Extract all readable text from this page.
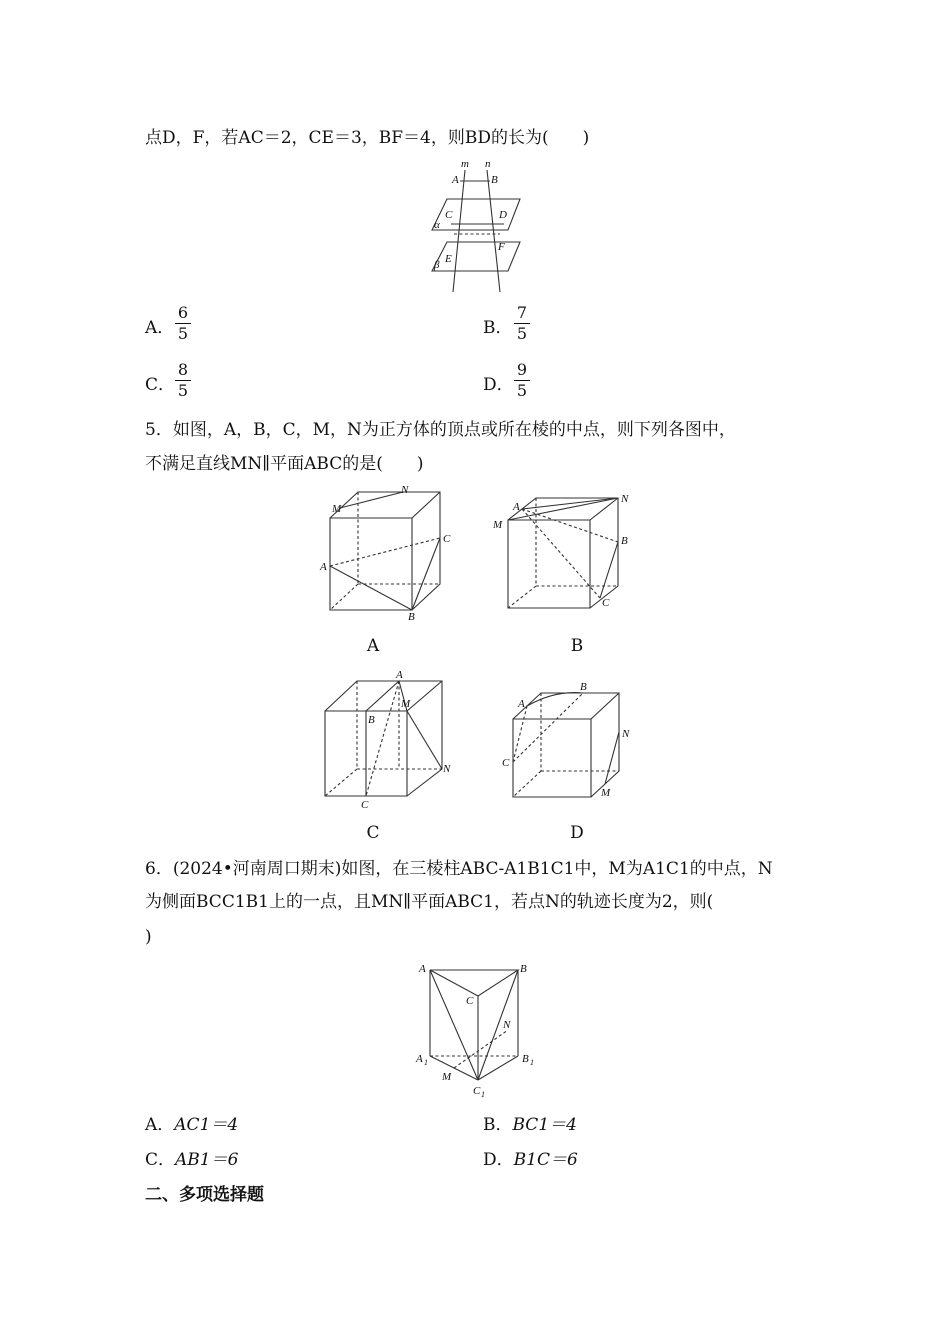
点D，F，若AC＝2，CE＝3，BF＝4，则BD的长为(　　)
m n
A	B
C	D
α
E
F
β
A． $\frac{6}{5}$	B． $\frac{7}{5}$
C． $\frac{8}{5}$	D． $\frac{9}{5}$
5．如图，A，B，C，M，N为正方体的顶点或所在棱的中点，则下列各图中，
不满足直线MN∥平面ABC的是(　　)
M
N
A
C
B
A
M
A
N
B
C
B
A
B
M
N
C
C
A
B
C
N
M
D
6．(2024•河南周口期末)如图，在三棱柱ABC-A1B1C1中，M为A1C1的中点，N
为侧面BCC1B1上的一点，且MN∥平面ABC1，若点N的轨迹长度为2，则(
)
A	B
C
N
A 1	B 1
M
C 1
A．AC1＝4	B．BC1＝4
C．AB1＝6	D．B1C＝6
二、多项选择题
